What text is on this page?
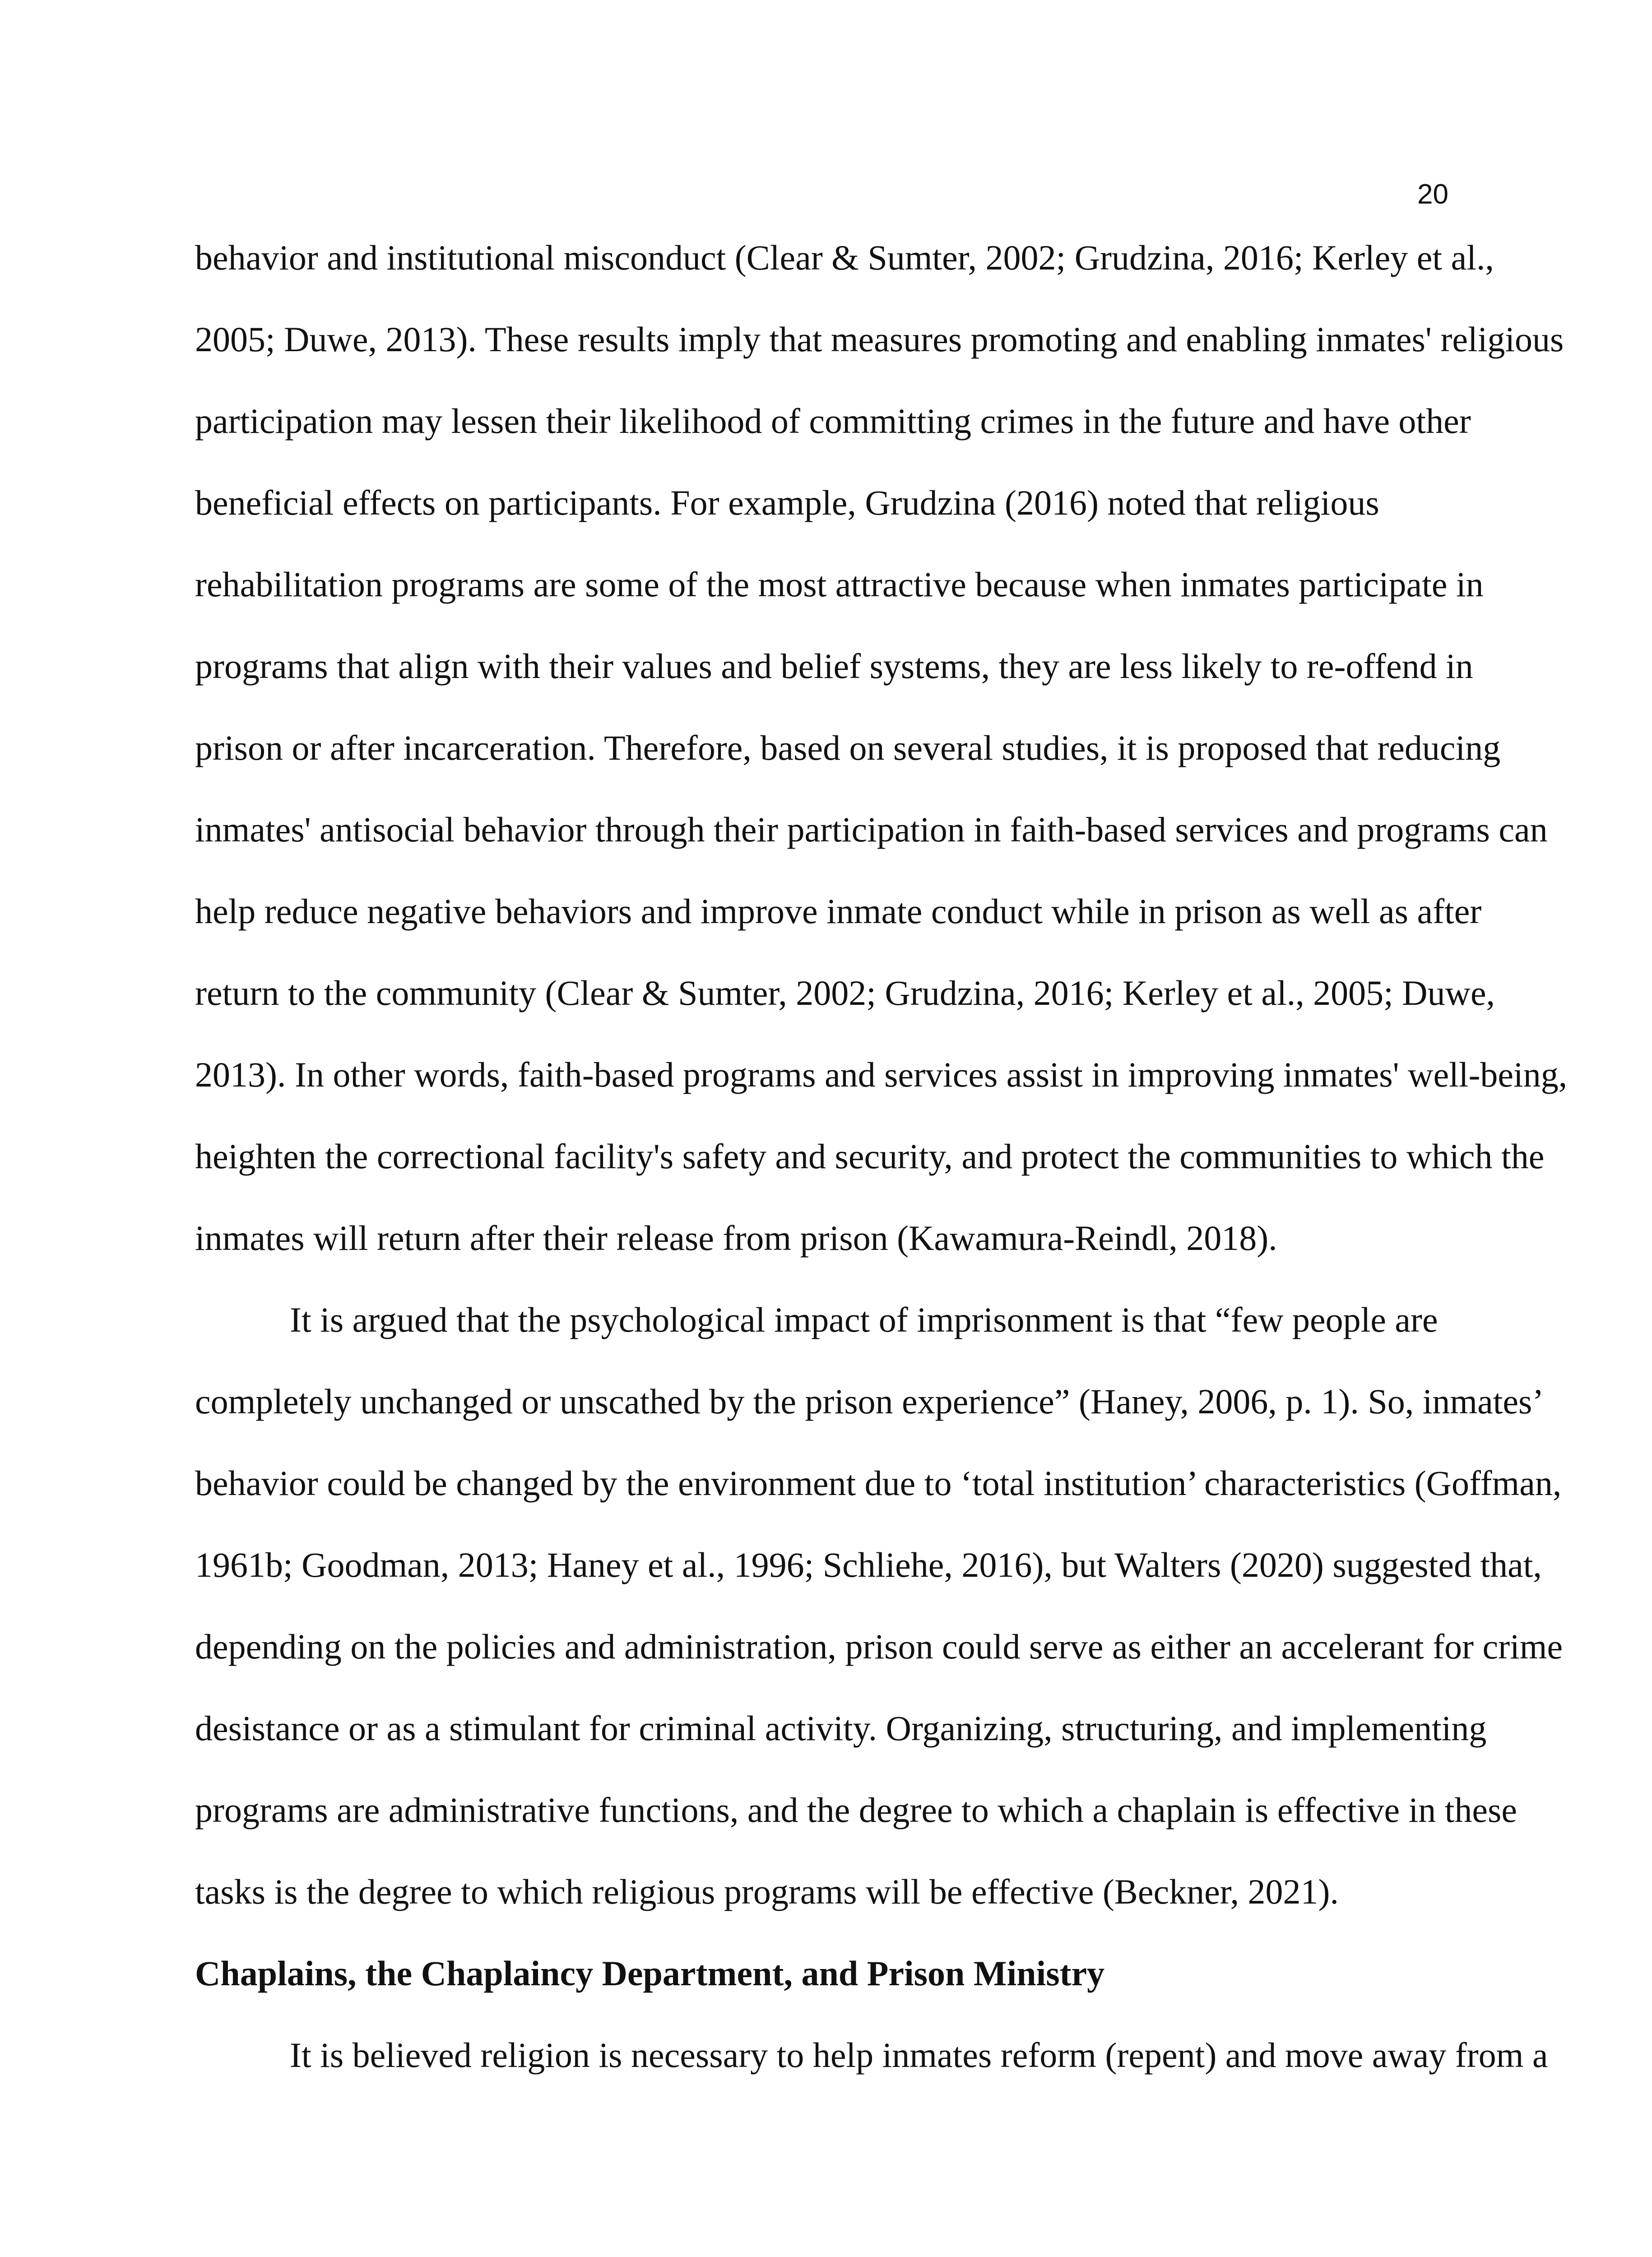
20
behavior and institutional misconduct (Clear & Sumter, 2002; Grudzina, 2016; Kerley et al.,
2005; Duwe, 2013). These results imply that measures promoting and enabling inmates' religious
participation may lessen their likelihood of committing crimes in the future and have other
beneficial effects on participants. For example, Grudzina (2016) noted that religious
rehabilitation programs are some of the most attractive because when inmates participate in
programs that align with their values and belief systems, they are less likely to re-offend in
prison or after incarceration. Therefore, based on several studies, it is proposed that reducing
inmates' antisocial behavior through their participation in faith-based services and programs can
help reduce negative behaviors and improve inmate conduct while in prison as well as after
return to the community (Clear & Sumter, 2002; Grudzina, 2016; Kerley et al., 2005; Duwe,
2013). In other words, faith-based programs and services assist in improving inmates' well-being,
heighten the correctional facility's safety and security, and protect the communities to which the
inmates will return after their release from prison (Kawamura-Reindl, 2018).
It is argued that the psychological impact of imprisonment is that “few people are
completely unchanged or unscathed by the prison experience” (Haney, 2006, p. 1). So, inmates’
behavior could be changed by the environment due to ‘total institution’ characteristics (Goffman,
1961b; Goodman, 2013; Haney et al., 1996; Schliehe, 2016), but Walters (2020) suggested that,
depending on the policies and administration, prison could serve as either an accelerant for crime
desistance or as a stimulant for criminal activity. Organizing, structuring, and implementing
programs are administrative functions, and the degree to which a chaplain is effective in these
tasks is the degree to which religious programs will be effective (Beckner, 2021).
Chaplains, the Chaplaincy Department, and Prison Ministry
It is believed religion is necessary to help inmates reform (repent) and move away from a
